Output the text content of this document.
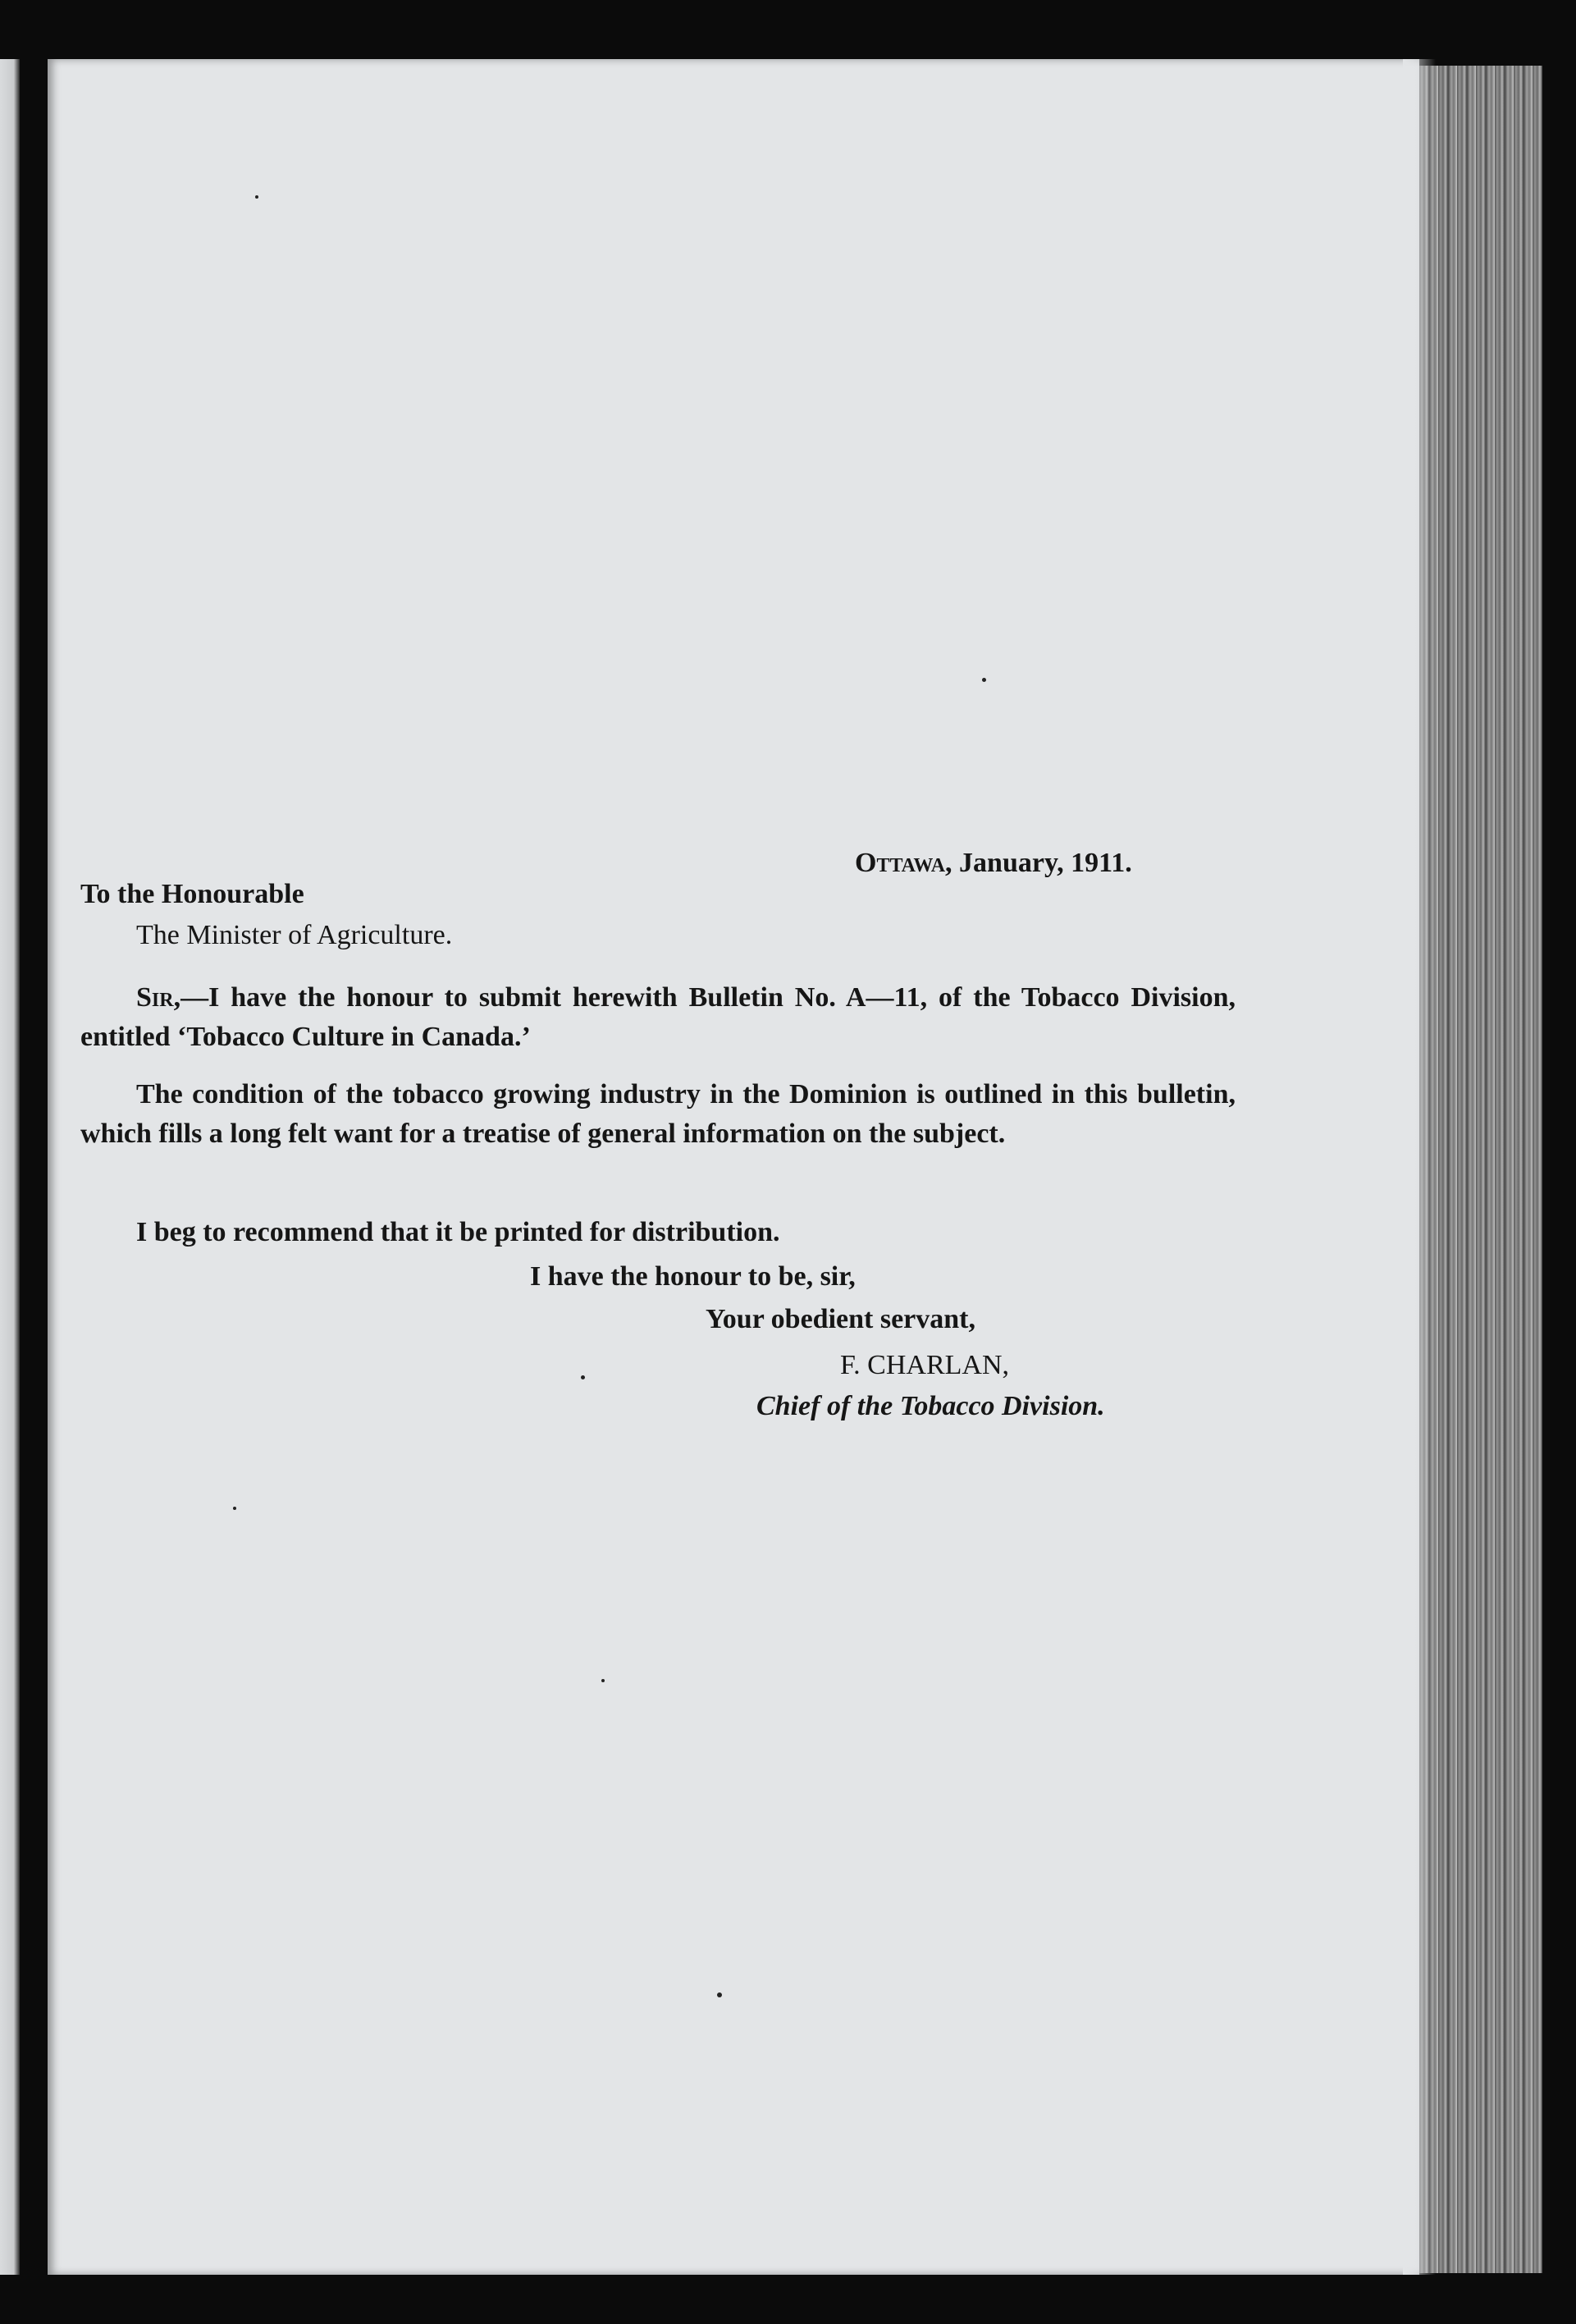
Ottawa, January, 1911.
To the Honourable
The Minister of Agriculture.
Sir,—I have the honour to submit herewith Bulletin No. A—11, of the Tobacco Division, entitled ‘Tobacco Culture in Canada.’
The condition of the tobacco growing industry in the Dominion is outlined in this bulletin, which fills a long felt want for a treatise of general information on the subject.
I beg to recommend that it be printed for distribution.
I have the honour to be, sir,
Your obedient servant,
F. CHARLAN,
Chief of the Tobacco Division.
